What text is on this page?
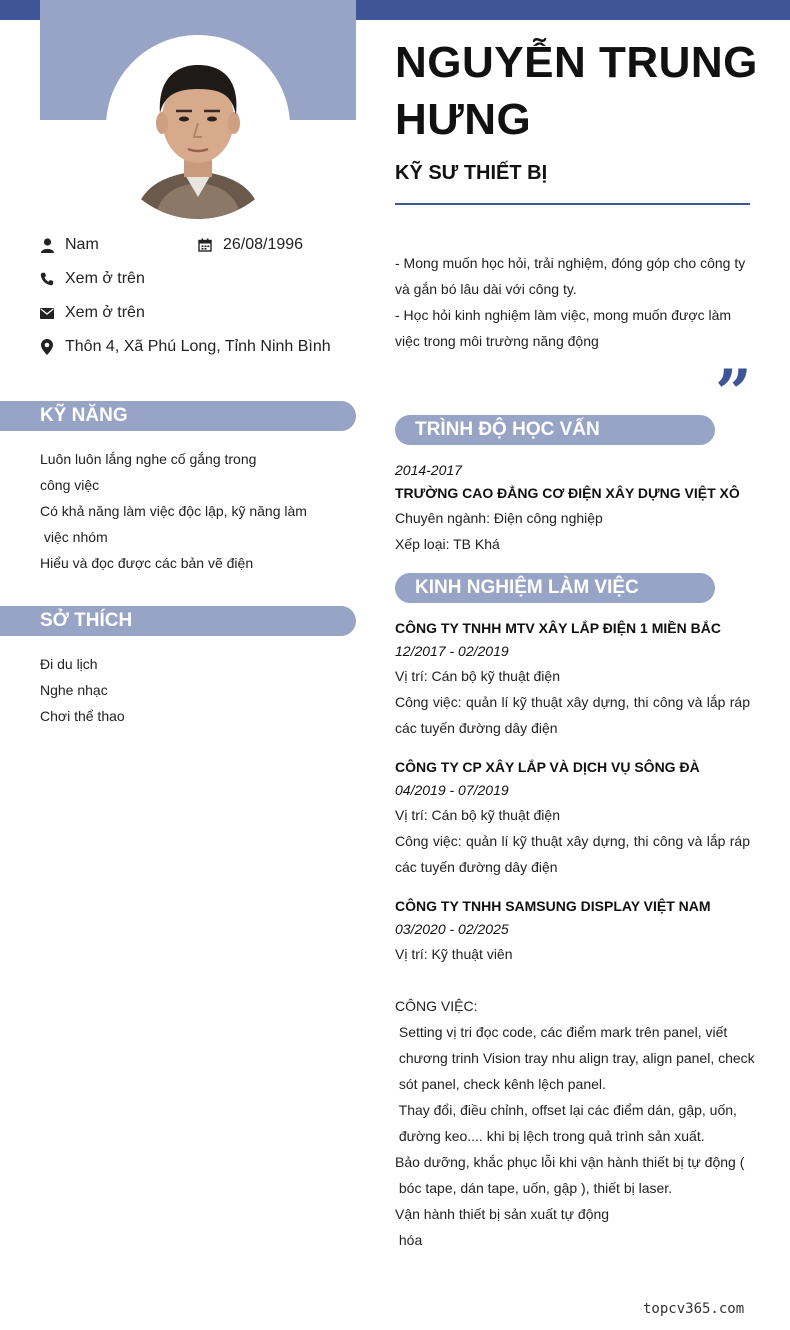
Nam	26/08/1996
Xem ở trên
Xem ở trên
Thôn 4, Xã Phú Long, Tỉnh Ninh Bình
KỸ NĂNG
Luôn luôn lắng nghe cố gắng trong
công việc
Có khả năng làm việc độc lập, kỹ năng làm
việc nhóm
Hiểu và đọc được các bản vẽ điện
SỞ THÍCH
Đi du lịch
Nghe nhạc
Chơi thể thao
NGUYỄN TRUNG HƯNG
KỸ SƯ THIẾT BỊ
- Mong muốn học hỏi, trải nghiệm, đóng góp cho công ty và gắn bó lâu dài với công ty.
- Học hỏi kinh nghiệm làm việc, mong muốn được làm việc trong môi trường năng động
”
TRÌNH ĐỘ HỌC VẤN
2014-2017
TRƯỜNG CAO ĐẲNG CƠ ĐIỆN XÂY DỰNG VIỆT XÔ
Chuyên ngành: Điện công nghiệp
Xếp loại: TB Khá
KINH NGHIỆM LÀM VIỆC
CÔNG TY TNHH MTV XÂY LẮP ĐIỆN 1 MIỀN BẮC
12/2017 - 02/2019
Vị trí: Cán bộ kỹ thuật điện
Công việc: quản lí kỹ thuật xây dựng, thi công và lắp ráp các tuyến đường dây điện
CÔNG TY CP XÂY LẮP VÀ DỊCH VỤ SÔNG ĐÀ
04/2019 - 07/2019
Vị trí: Cán bộ kỹ thuật điện
Công việc: quản lí kỹ thuật xây dựng, thi công và lắp ráp các tuyến đường dây điện
CÔNG TY TNHH SAMSUNG DISPLAY VIỆT NAM
03/2020 - 02/2025
Vị trí: Kỹ thuật viên
CÔNG VIỆC:
Setting vị tri đọc code, các điểm mark trên panel, viết
chương trinh Vision tray nhu align tray, align panel, check
sót panel, check kênh lệch panel.
Thay đổi, điều chỉnh, offset lại các điểm dán, gập, uốn,
đường keo.... khi bị lệch trong quả trình sản xuất.
Bảo dưỡng, khắc phục lỗi khi vận hành thiết bị tự động (
bóc tape, dán tape, uốn, gập ), thiết bị laser.
Vận hành thiết bị sản xuất tự động
hóa
topcv365.com
